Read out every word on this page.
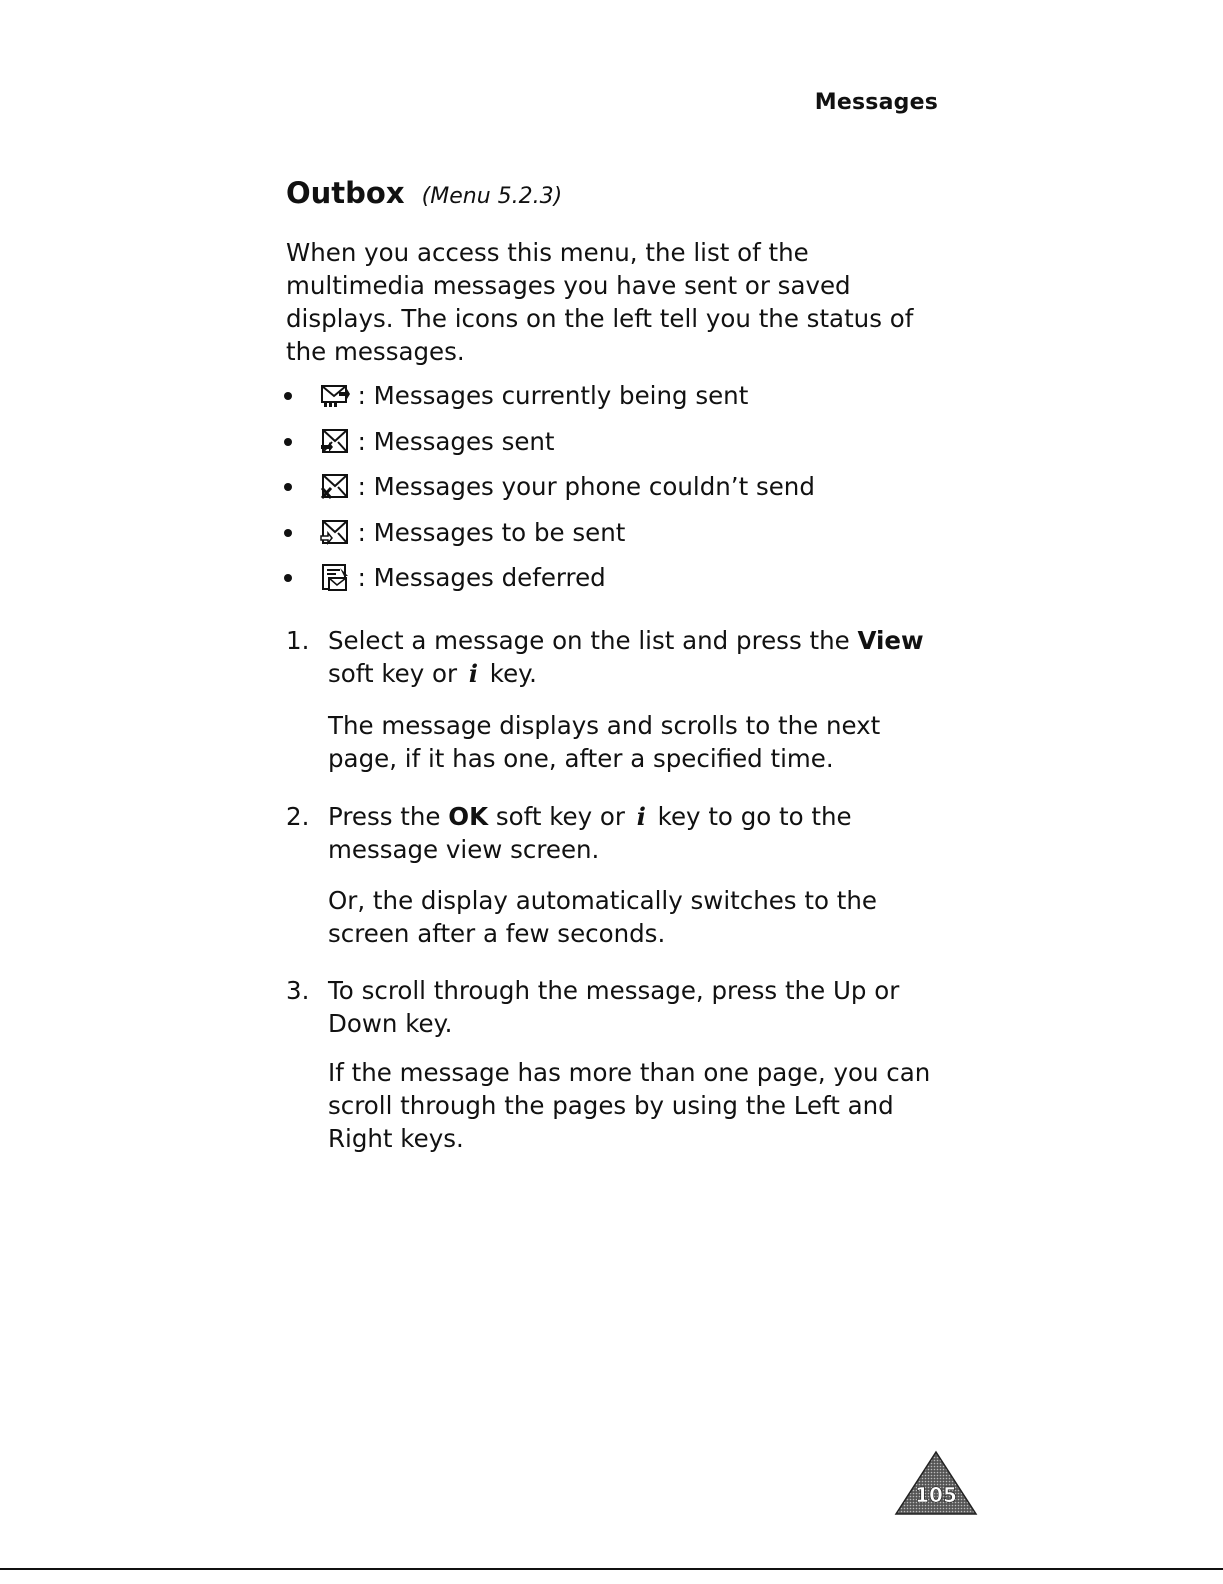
Messages
Outbox (Menu 5.2.3)

When you access this menu, the list of the multimedia messages you have sent or saved displays. The icons on the left tell you the status of the messages.

: Messages currently being sent
: Messages sent
: Messages your phone couldn’t send
: Messages to be sent
: Messages deferred
1. Select a message on the list and press the View soft key or i key.

The message displays and scrolls to the next page, if it has one, after a specified time.

2. Press the OK soft key or i key to go to the message view screen.

Or, the display automatically switches to the screen after a few seconds.

3. To scroll through the message, press the Up or Down key.

If the message has more than one page, you can scroll through the pages by using the Left and Right keys.

105
